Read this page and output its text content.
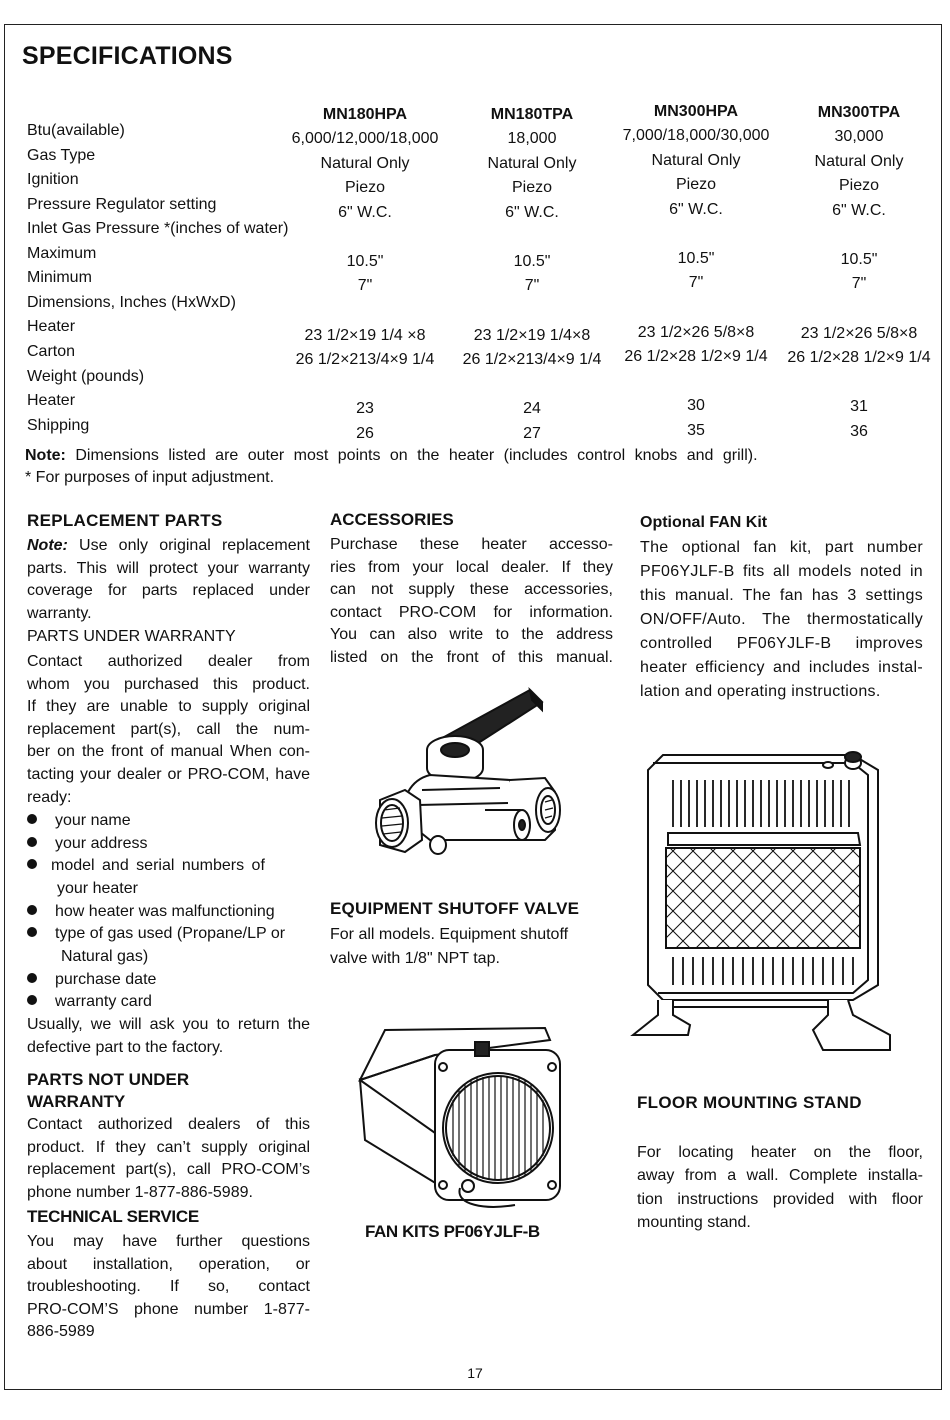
SPECIFICATIONS
Btu(available)
Gas Type
Ignition
Pressure Regulator setting
Inlet Gas Pressure *(inches of water)
Maximum
Minimum
Dimensions, Inches (HxWxD)
Heater
Carton
Weight (pounds)
Heater
Shipping
MN180HPA
6,000/12,000/18,000
Natural Only
Piezo
6" W.C.
10.5"
7"
23 1/2×19 1/4 ×8
26 1/2×213/4×9 1/4
23
26
MN180TPA
18,000
Natural Only
Piezo
6" W.C.
10.5"
7"
23 1/2×19 1/4×8
26 1/2×213/4×9 1/4
24
27
MN300HPA
7,000/18,000/30,000
Natural Only
Piezo
6" W.C.
10.5"
7"
23 1/2×26 5/8×8
26 1/2×28 1/2×9 1/4
30
35
MN300TPA
30,000
Natural Only
Piezo
6" W.C.
10.5"
7"
23 1/2×26 5/8×8
26 1/2×28 1/2×9 1/4
31
36
Note: Dimensions listed are outer most points on the heater (includes control knobs and grill).
* For purposes of input adjustment.
REPLACEMENT PARTS
Note: Use only original replacement
parts. This will protect your warranty
coverage for parts replaced under
warranty.
PARTS UNDER WARRANTY
Contact authorized dealer from
whom you purchased this product.
If they are unable to supply original
replacement part(s), call the num-
ber on the front of manual When con-
tacting your dealer or PRO-COM, have
ready:
your name
your address
model and serial numbers of
your heater
how heater was malfunctioning
type of gas used (Propane/LP or
Natural gas)
purchase date
warranty card
Usually, we will ask you to return the
defective part to the factory.
PARTS NOT UNDER
WARRANTY
Contact authorized dealers of this
product. If they can’t supply original
replacement part(s), call PRO-COM’s
phone number 1-877-886-5989.
TECHNICAL SERVICE
You may have further questions
about installation, operation, or
troubleshooting. If so, contact
PRO-COM’S phone number 1-877-
886-5989
ACCESSORIES
Purchase these heater accesso-
ries from your local dealer. If they
can not supply these accessories,
contact PRO-COM for information.
You can also write to the address
listed on the front of this manual.
EQUIPMENT SHUTOFF VALVE
For all models. Equipment shutoff
valve with 1/8" NPT tap.
FAN KITS PF06YJLF-B
Optional FAN Kit
The optional fan kit, part number
PF06YJLF-B fits all models noted in
this manual. The fan has 3 settings
ON/OFF/Auto. The thermostatically
controlled PF06YJLF-B improves
heater efficiency and includes instal-
lation and operating instructions.
FLOOR MOUNTING STAND
For locating heater on the floor,
away from a wall. Complete installa-
tion instructions provided with floor
mounting stand.
17
